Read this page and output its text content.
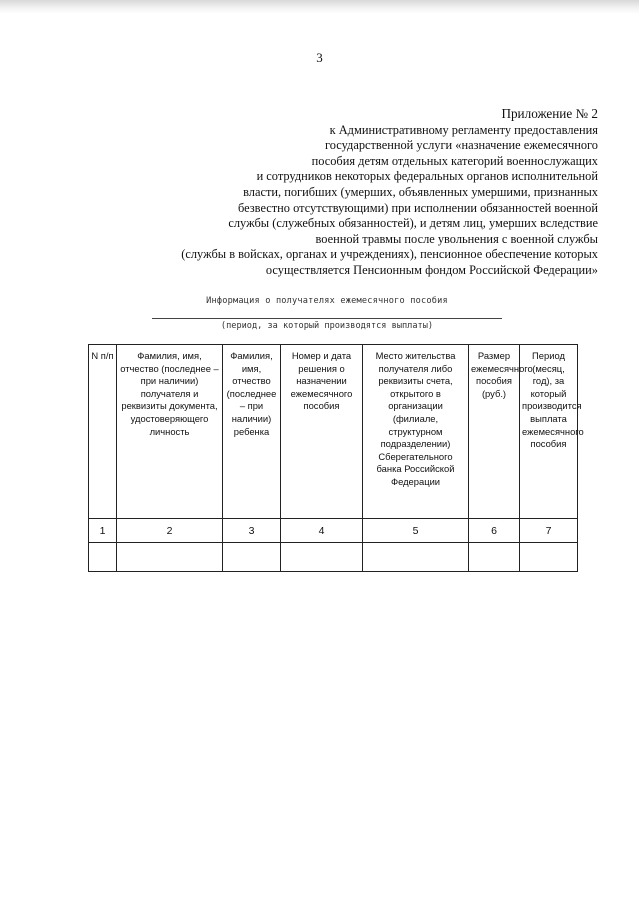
3
Приложение № 2
к Административному регламенту предоставления
государственной услуги «назначение ежемесячного
пособия детям отдельных категорий военнослужащих
и сотрудников некоторых федеральных органов исполнительной
власти, погибших (умерших, объявленных умершими, признанных
безвестно отсутствующими) при исполнении обязанностей военной
службы (служебных обязанностей), и детям лиц, умерших вследствие
военной травмы после увольнения с военной службы
(службы в войсках, органах и учреждениях), пенсионное обеспечение которых
осуществляется Пенсионным фондом Российской Федерации»
Информация о получателях ежемесячного пособия
(период, за который производятся выплаты)
N п/п	Фамилия, имя, отчество (последнее – при наличии) получателя и реквизиты документа, удостоверяющего личность	Фамилия, имя, отчество (последнее – при наличии) ребенка	Номер и дата решения о назначении ежемесячного пособия	Место жительства получателя либо реквизиты счета, открытого в организации (филиале, структурном подразделении) Сберегательного банка Российской Федерации	Размер ежемесячного пособия (руб.)	Период (месяц, год), за который производится выплата ежемесячного пособия

1	2	3	4	5	6	7
